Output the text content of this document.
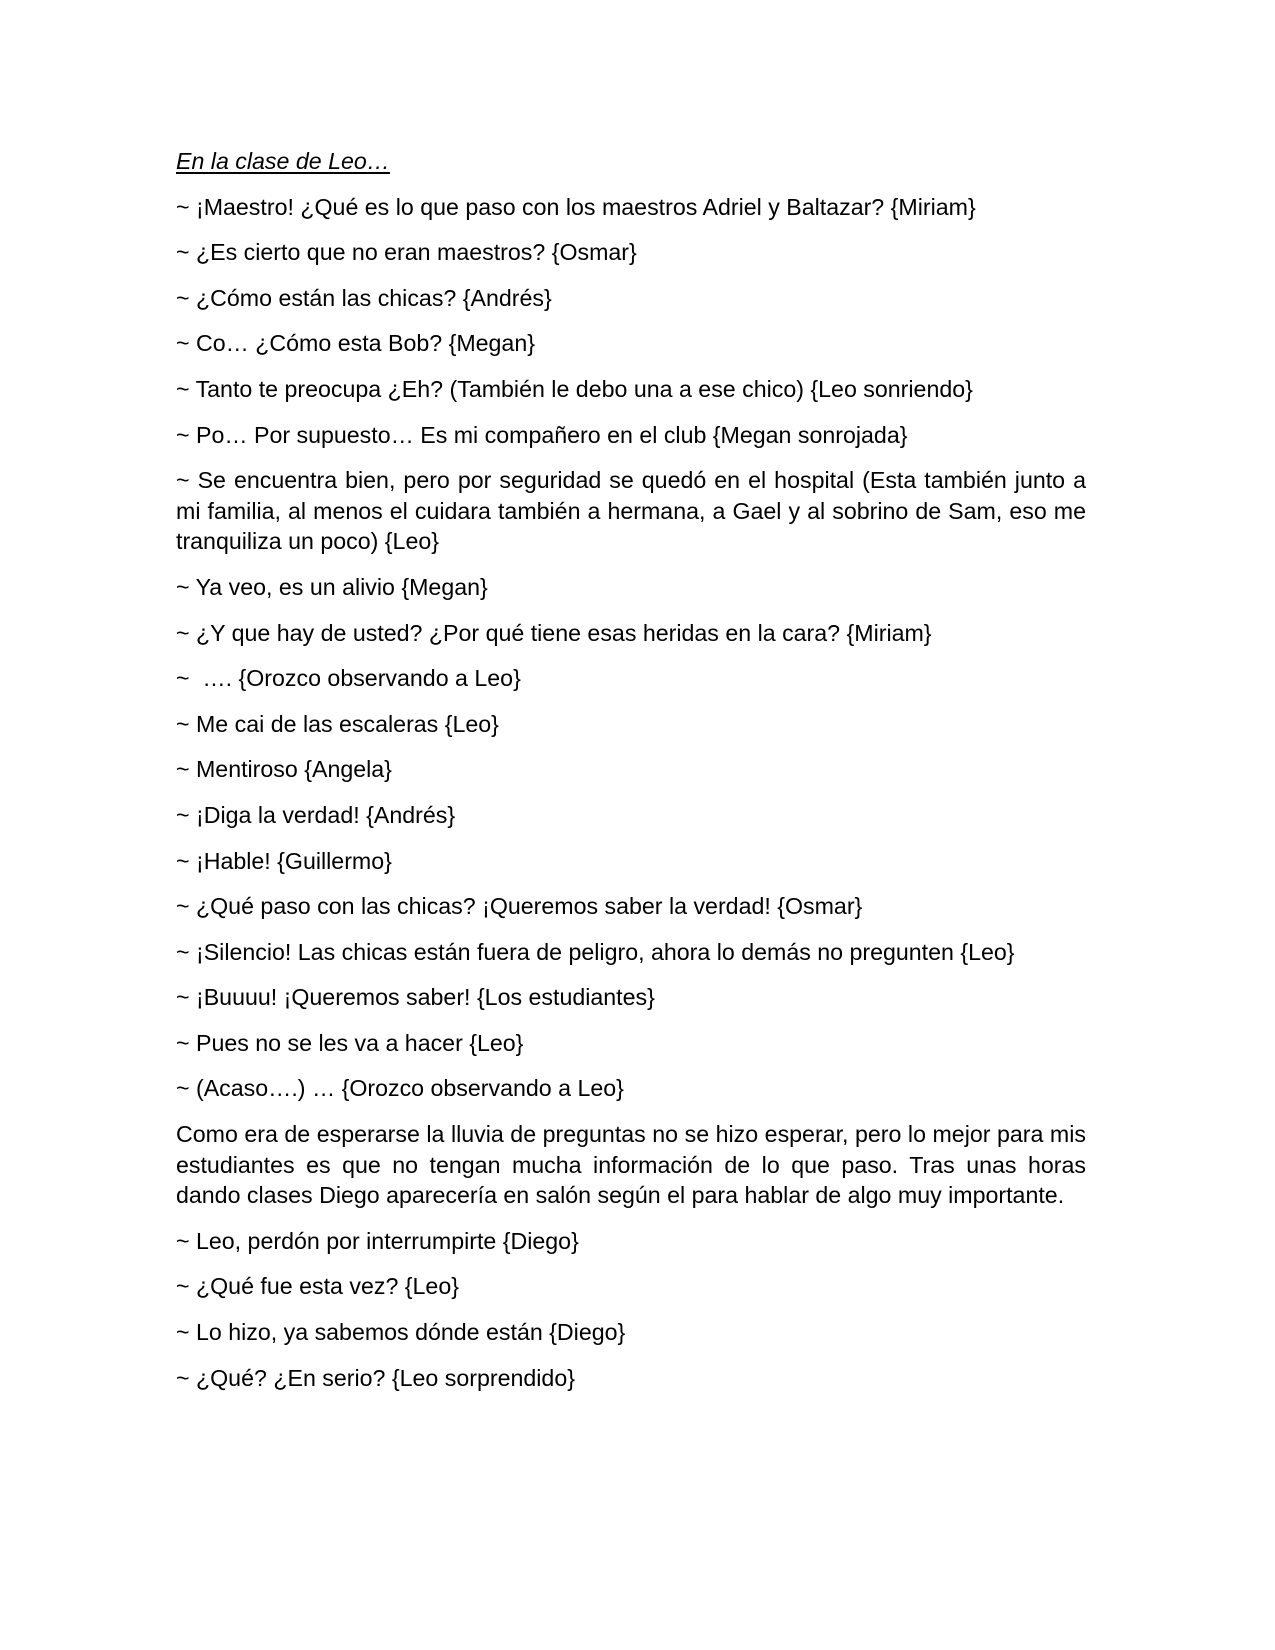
En la clase de Leo…
~ ¡Maestro! ¿Qué es lo que paso con los maestros Adriel y Baltazar? {Miriam}
~ ¿Es cierto que no eran maestros? {Osmar}
~ ¿Cómo están las chicas? {Andrés}
~ Co… ¿Cómo esta Bob? {Megan}
~ Tanto te preocupa ¿Eh? (También le debo una a ese chico) {Leo sonriendo}
~ Po… Por supuesto… Es mi compañero en el club {Megan sonrojada}
~ Se encuentra bien, pero por seguridad se quedó en el hospital (Esta también junto a mi familia, al menos el cuidara también a hermana, a Gael y al sobrino de Sam, eso me tranquiliza un poco) {Leo}
~ Ya veo, es un alivio {Megan}
~ ¿Y que hay de usted? ¿Por qué tiene esas heridas en la cara? {Miriam}
~  …. {Orozco observando a Leo}
~ Me cai de las escaleras {Leo}
~ Mentiroso {Angela}
~ ¡Diga la verdad! {Andrés}
~ ¡Hable! {Guillermo}
~ ¿Qué paso con las chicas? ¡Queremos saber la verdad! {Osmar}
~ ¡Silencio! Las chicas están fuera de peligro, ahora lo demás no pregunten {Leo}
~ ¡Buuuu! ¡Queremos saber! {Los estudiantes}
~ Pues no se les va a hacer {Leo}
~ (Acaso….) … {Orozco observando a Leo}
Como era de esperarse la lluvia de preguntas no se hizo esperar, pero lo mejor para mis estudiantes es que no tengan mucha información de lo que paso. Tras unas horas dando clases Diego aparecería en salón según el para hablar de algo muy importante.
~ Leo, perdón por interrumpirte {Diego}
~ ¿Qué fue esta vez? {Leo}
~ Lo hizo, ya sabemos dónde están {Diego}
~ ¿Qué? ¿En serio? {Leo sorprendido}
